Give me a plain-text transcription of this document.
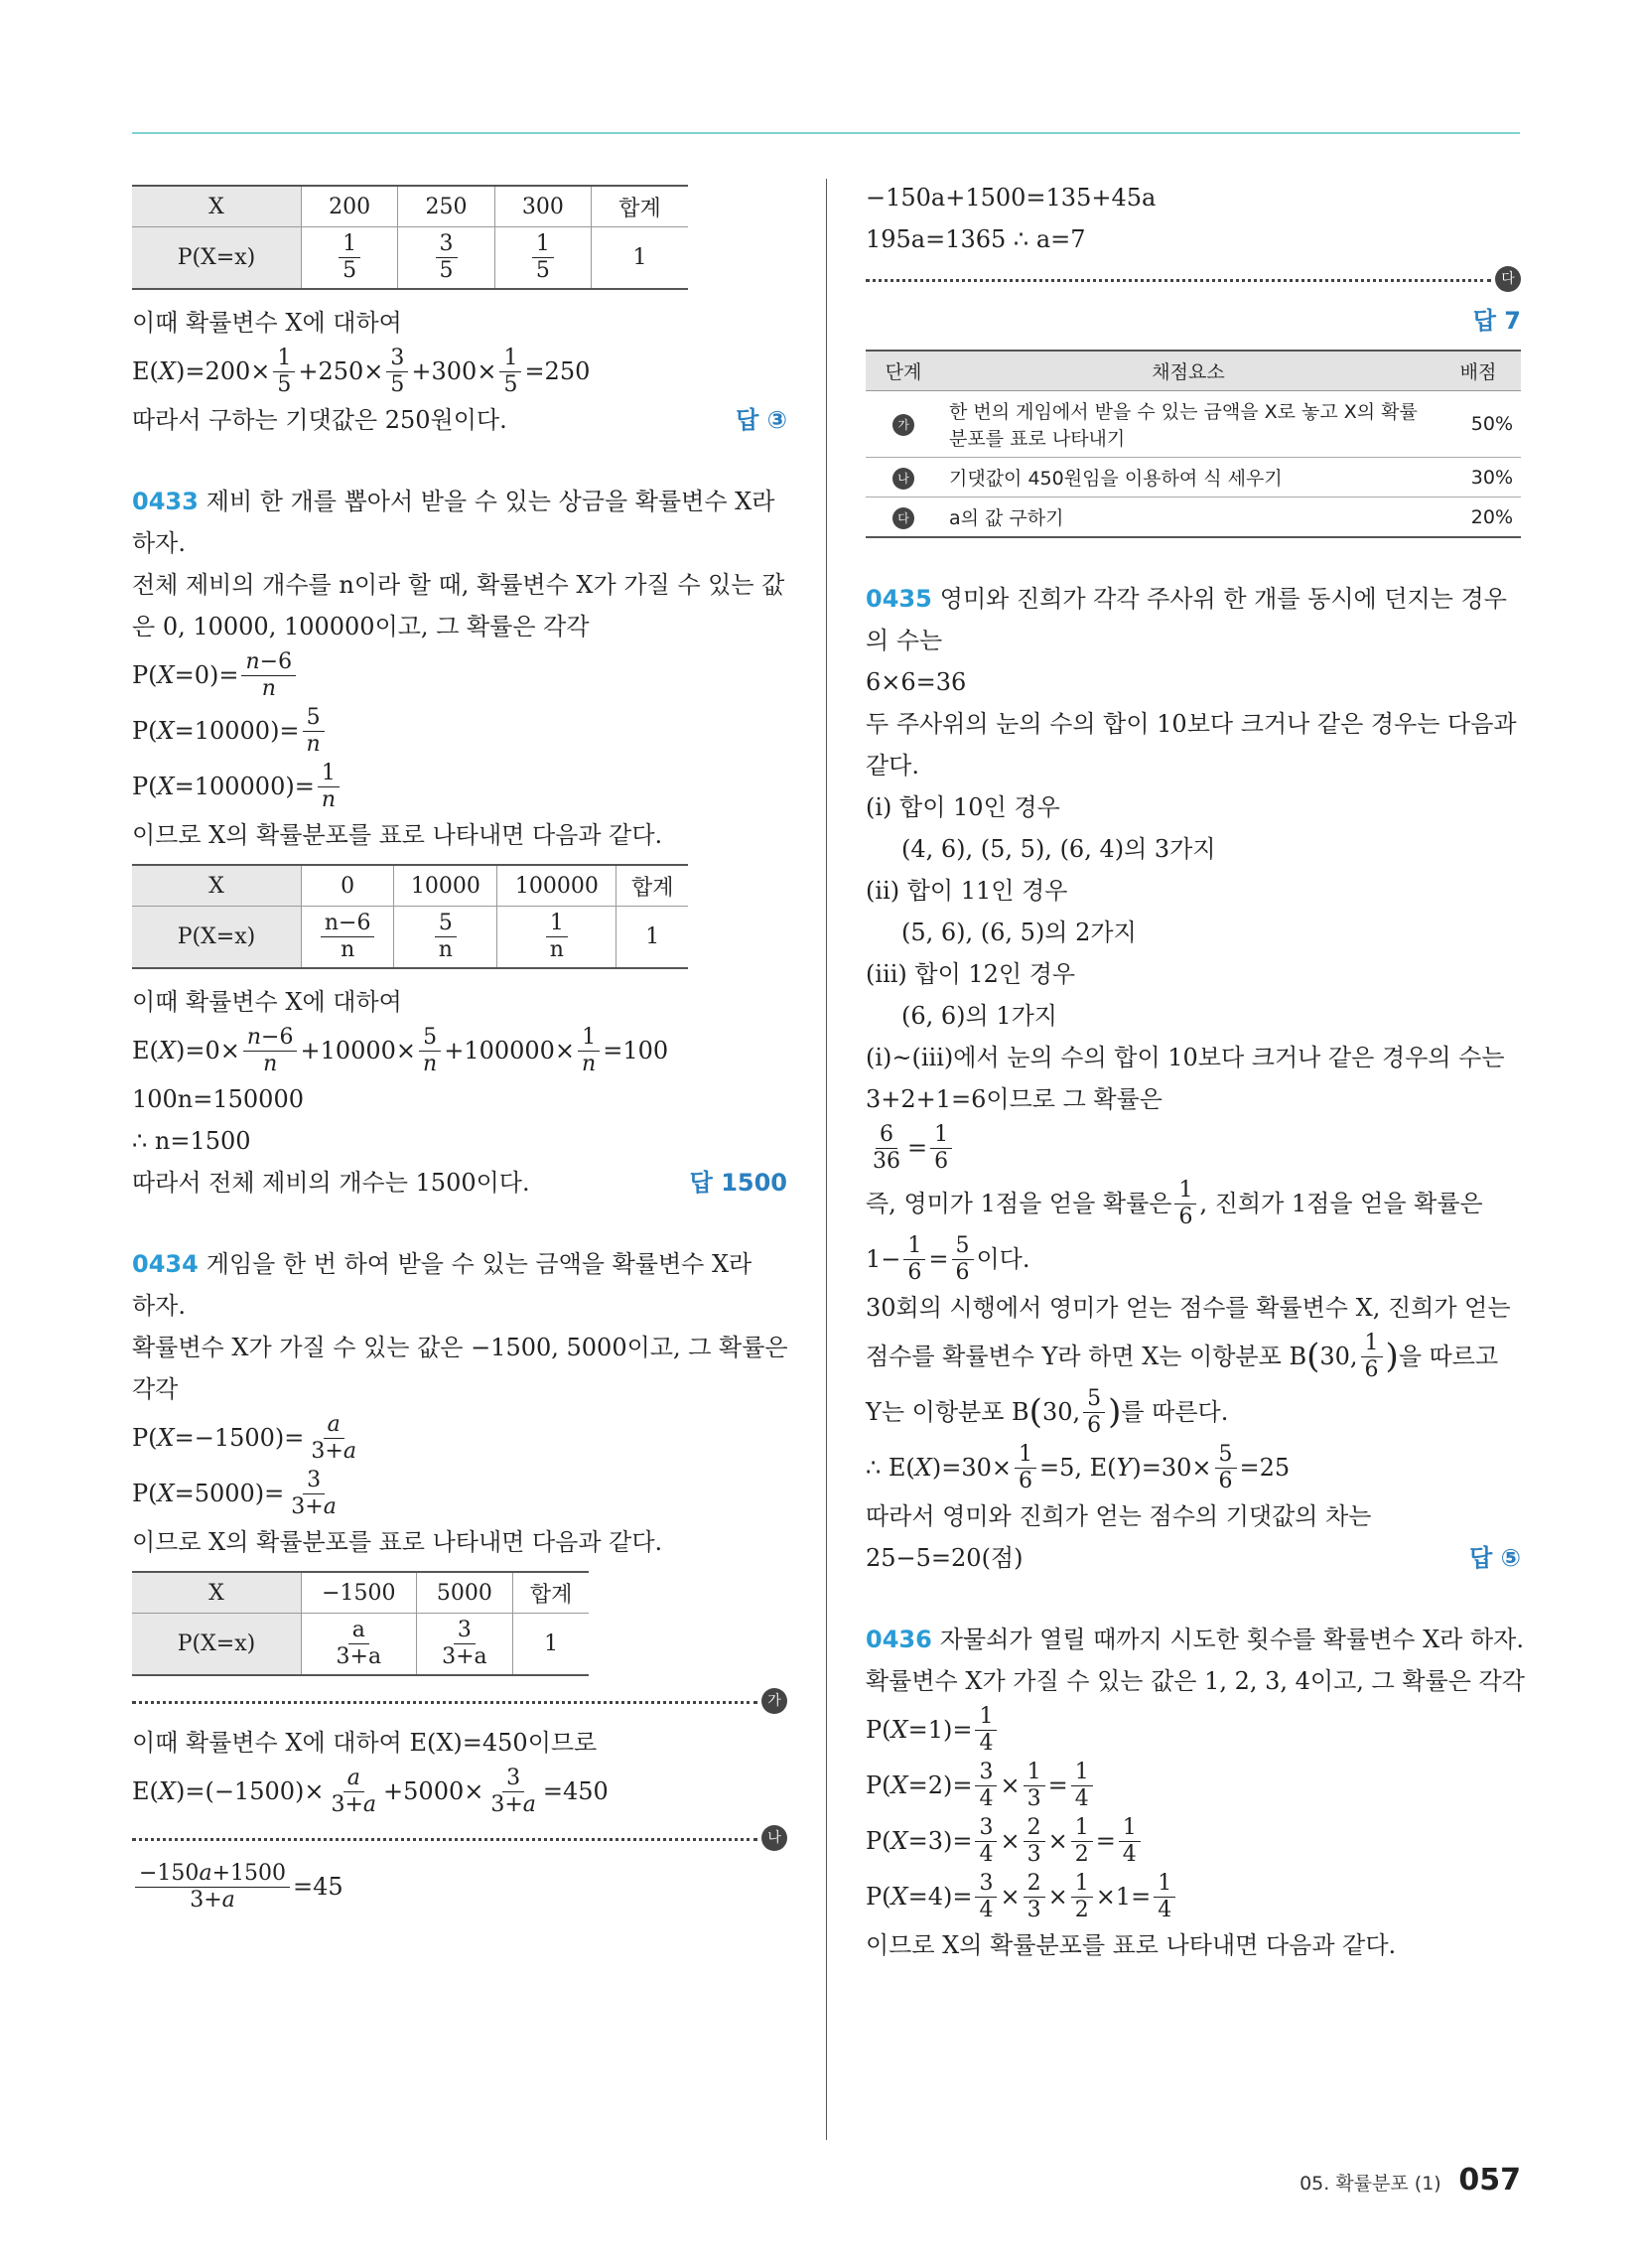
X	200	250	300	합계
P(X=x)	$\frac{1}{5}$	$\frac{3}{5}$	$\frac{1}{5}$	1
이때 확률변수 X에 대하여
E( X )$=200\times \frac{1}{5} +250\times \frac{3}{5} +300\times \frac{1}{5} =250$
따라서 구하는 기댓값은 250원이다.	답 ③
0433 제비 한 개를 뽑아서 받을 수 있는 상금을 확률변수 X라
하자.
전체 제비의 개수를 n이라 할 때, 확률변수 X가 가질 수 있는 값
은 0, 10000, 100000이고, 그 확률은 각각
P( $X =0)= \frac{n-6}{n}$
P( $X =10000)= \frac{5}{n}$
P( $X =100000)= \frac{1}{n}$
이므로 X의 확률분포를 표로 나타내면 다음과 같다.
X	0	10000	100000	합계
P(X=x)	$\frac{n-6}{n}$	$\frac{5}{n}$	$\frac{1}{n}$	1
이때 확률변수 X에 대하여
E( X )$=0\times \frac{n-6}{n} +10000\times \frac{5}{n} +100000\times \frac{1}{n} =100$
100n=150000
∴ n=1500
따라서 전체 제비의 개수는 1500이다.	답 1500
0434 게임을 한 번 하여 받을 수 있는 금액을 확률변수 X라
하자.
확률변수 X가 가질 수 있는 값은 −1500, 5000이고, 그 확률은
각각
P( $X =-1500)= \frac{a}{3+a}$
P( $X =5000)= \frac{3}{3+a}$
이므로 X의 확률분포를 표로 나타내면 다음과 같다.
X	−1500	5000	합계
P(X=x)	$\frac{a}{3+a}$	$\frac{3}{3+a}$	1
가
이때 확률변수 X에 대하여 E(X)=450이므로
E( X )$=(-1500)\times \frac{a}{3+a} +5000\times \frac{3}{3+a} =450$
나
$\frac{-150a+1500}{3+a} =45$
−150a+1500=135+45a
195a=1365 ∴ a=7
다
답 7
단계	채점요소	배점
가	한 번의 게임에서 받을 수 있는 금액을 X로 놓고 X의 확률 분포를 표로 나타내기	50%
나	기댓값이 450원임을 이용하여 식 세우기	30%
다	a의 값 구하기	20%
0435 영미와 진희가 각각 주사위 한 개를 동시에 던지는 경우
의 수는
6×6=36
두 주사위의 눈의 수의 합이 10보다 크거나 같은 경우는 다음과
같다.
(ⅰ) 합이 10인 경우
(4, 6), (5, 5), (6, 4)의 3가지
(ⅱ) 합이 11인 경우
(5, 6), (6, 5)의 2가지
(ⅲ) 합이 12인 경우
(6, 6)의 1가지
(ⅰ)~(ⅲ)에서 눈의 수의 합이 10보다 크거나 같은 경우의 수는
3+2+1=6이므로 그 확률은
$\frac{6}{36} = \frac{1}{6}$
즉, 영미가 1점을 얻을 확률은 $\frac{1}{6}$ , 진희가 1점을 얻을 확률은
$1- \frac{1}{6} = \frac{5}{6}$ 이다.
30회의 시행에서 영미가 얻는 점수를 확률변수 X, 진희가 얻는
점수를 확률변수 Y라 하면 X는 이항분포 B ( 30, $\frac{1}{6}$ ) 을 따르고
Y는 이항분포 B ( 30, $\frac{5}{6}$ ) 를 따른다.
∴ E( X )$=30\times \frac{1}{6} =5$, E( Y )$=30\times \frac{5}{6} =25$
따라서 영미와 진희가 얻는 점수의 기댓값의 차는
25−5=20(점)	답 ⑤
0436 자물쇠가 열릴 때까지 시도한 횟수를 확률변수 X라 하자.
확률변수 X가 가질 수 있는 값은 1, 2, 3, 4이고, 그 확률은 각각
P( $X =1)= \frac{1}{4}$
P( $X =2)= \frac{3}{4} \times \frac{1}{3} = \frac{1}{4}$
P( $X =3)= \frac{3}{4} \times \frac{2}{3} \times \frac{1}{2} = \frac{1}{4}$
P( $X =4)= \frac{3}{4} \times \frac{2}{3} \times \frac{1}{2} \times 1= \frac{1}{4}$
이므로 X의 확률분포를 표로 나타내면 다음과 같다.
05. 확률분포 (1) 057
